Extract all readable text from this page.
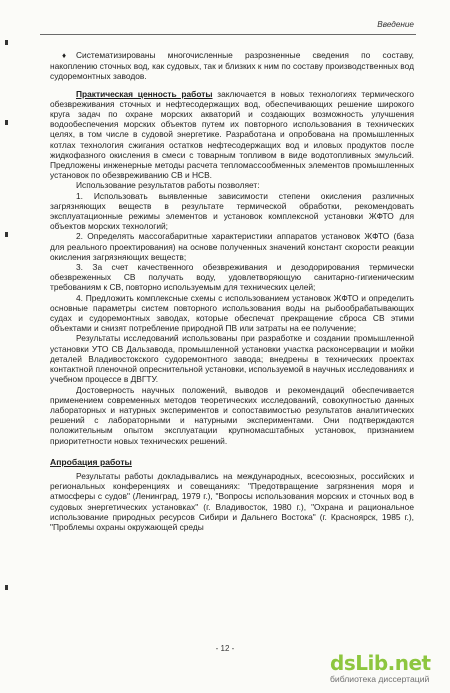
Введение

♦ Систематизированы многочисленные разрозненные сведения по составу, накоплению сточных вод, как судовых, так и близких к ним по составу производственных вод судоремонтных заводов.

Практическая ценность работы заключается в новых технологиях термического обезвреживания сточных и нефтесодержащих вод, обеспечивающих решение широкого круга задач по охране морских акваторий и создающих возможность улучшения водообеспечения морских объектов путем их повторного использования в технических целях, в том числе в судовой энергетике. Разработана и опробована на промышленных котлах технология сжигания остатков нефтесодержащих вод и иловых продуктов после жидкофазного окисления в смеси с товарным топливом в виде водотопливных эмульсий. Предложены инженерные методы расчета тепломассообменных элементов промышленных установок по обезвреживанию СВ и НСВ.

Использование результатов работы позволяет:

1. Использовать выявленные зависимости степени окисления различных загрязняющих веществ в результате термической обработки, рекомендовать эксплуатационные режимы элементов и установок комплексной установки ЖФТО для объектов морских технологий;

2. Определять массогабаритные характеристики аппаратов установок ЖФТО (база для реального проектирования) на основе полученных значений констант скорости реакции окисления загрязняющих веществ;

3. За счет качественного обезвреживания и дезодорирования термически обезвреженных СВ получать воду, удовлетворяющую санитарно-гигиеническим требованиям к СВ, повторно используемым для технических целей;

4. Предложить комплексные схемы с использованием установок ЖФТО и определить основные параметры систем повторного использования воды на рыбообрабатывающих судах и судоремонтных заводах, которые обеспечат прекращение сброса СВ этими объектами и снизят потребление природной ПВ или затраты на ее получение;

Результаты исследований использованы при разработке и создании промышленной установки УТО СВ Дальзавода, промышленной установки участка расконсервации и мойки деталей Владивостокского судоремонтного завода; внедрены в технических проектах контактной пленочной опреснительной установки, используемой в научных исследованиях и учебном процессе в ДВГТУ.

Достоверность научных положений, выводов и рекомендаций обеспечивается применением современных методов теоретических исследований, совокупностью данных лабораторных и натурных экспериментов и сопоставимостью результатов аналитических решений с лабораторными и натурными экспериментами. Они подтверждаются положительным опытом эксплуатации крупномасштабных установок, признанием приоритетности новых технических решений.

Апробация работы

Результаты работы докладывались на международных, всесоюзных, российских и региональных конференциях и совещаниях: "Предотвращение загрязнения моря и атмосферы с судов" (Ленинград, 1979 г.), "Вопросы использования морских и сточных вод в судовых энергетических установках" (г. Владивосток, 1980 г.), "Охрана и рациональное использование природных ресурсов Сибири и Дальнего Востока" (г. Красноярск, 1985 г.), "Проблемы охраны окружающей среды

- 12 -
dsLib.net
библиотека диссертаций
